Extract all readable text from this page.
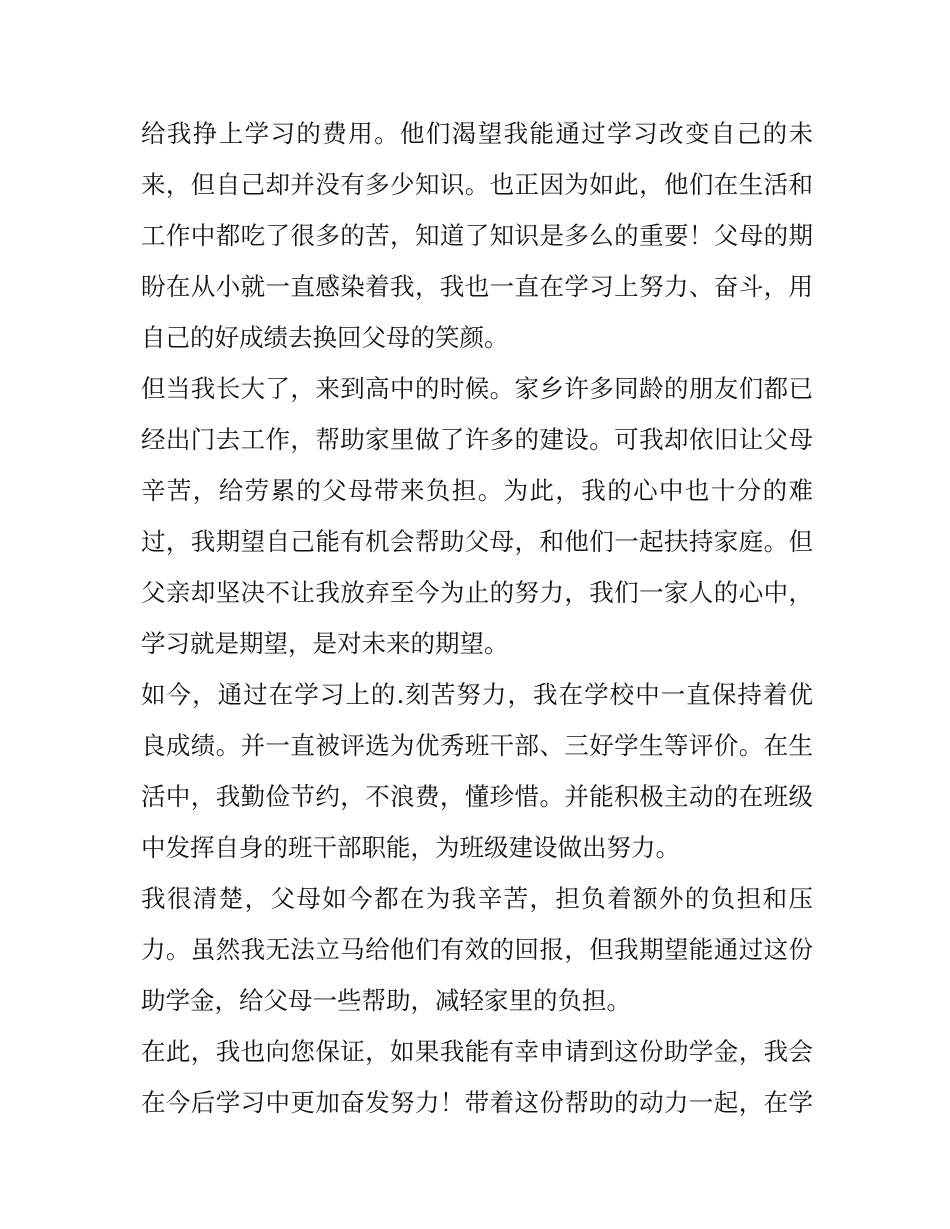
给我挣上学习的费用。他们渴望我能通过学习改变自己的未
来，但自己却并没有多少知识。也正因为如此，他们在生活和
工作中都吃了很多的苦，知道了知识是多么的重要！父母的期
盼在从小就一直感染着我，我也一直在学习上努力、奋斗，用
自己的好成绩去换回父母的笑颜。
但当我长大了，来到高中的时候。家乡许多同龄的朋友们都已
经出门去工作，帮助家里做了许多的建设。可我却依旧让父母
辛苦，给劳累的父母带来负担。为此，我的心中也十分的难
过，我期望自己能有机会帮助父母，和他们一起扶持家庭。但
父亲却坚决不让我放弃至今为止的努力，我们一家人的心中，
学习就是期望，是对未来的期望。
如今，通过在学习上的.刻苦努力，我在学校中一直保持着优
良成绩。并一直被评选为优秀班干部、三好学生等评价。在生
活中，我勤俭节约，不浪费，懂珍惜。并能积极主动的在班级
中发挥自身的班干部职能，为班级建设做出努力。
我很清楚，父母如今都在为我辛苦，担负着额外的负担和压
力。虽然我无法立马给他们有效的回报，但我期望能通过这份
助学金，给父母一些帮助，减轻家里的负担。
在此，我也向您保证，如果我能有幸申请到这份助学金，我会
在今后学习中更加奋发努力！带着这份帮助的动力一起，在学
